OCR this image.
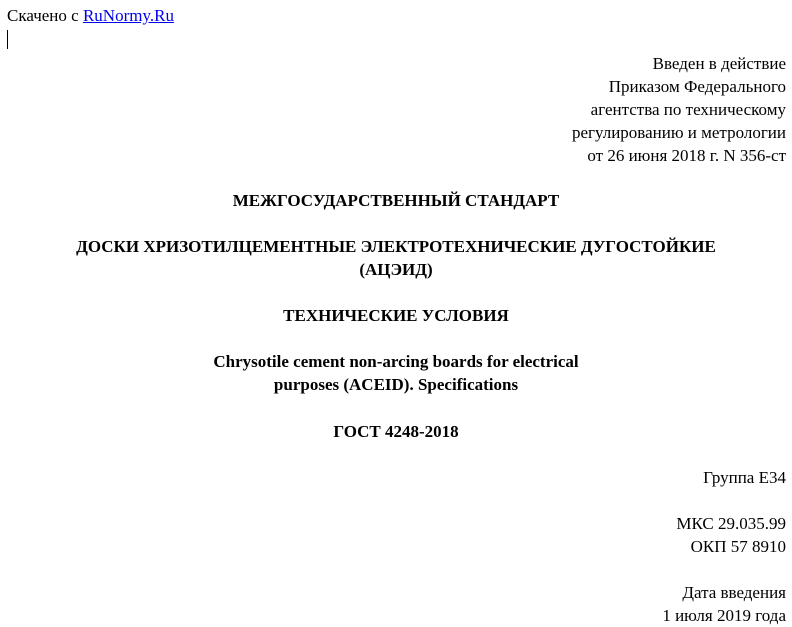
Скачено с RuNormy.Ru
Введен в действие
Приказом Федерального
агентства по техническому
регулированию и метрологии
от 26 июня 2018 г. N 356-ст
МЕЖГОСУДАРСТВЕННЫЙ СТАНДАРТ
ДОСКИ ХРИЗОТИЛЦЕМЕНТНЫЕ ЭЛЕКТРОТЕХНИЧЕСКИЕ ДУГОСТОЙКИЕ
(АЦЭИД)
ТЕХНИЧЕСКИЕ УСЛОВИЯ
Chrysotile cement non-arcing boards for electrical
purposes (ACEID). Specifications
ГОСТ 4248-2018
Группа Е34
МКС 29.035.99
ОКП 57 8910
Дата введения
1 июля 2019 года
